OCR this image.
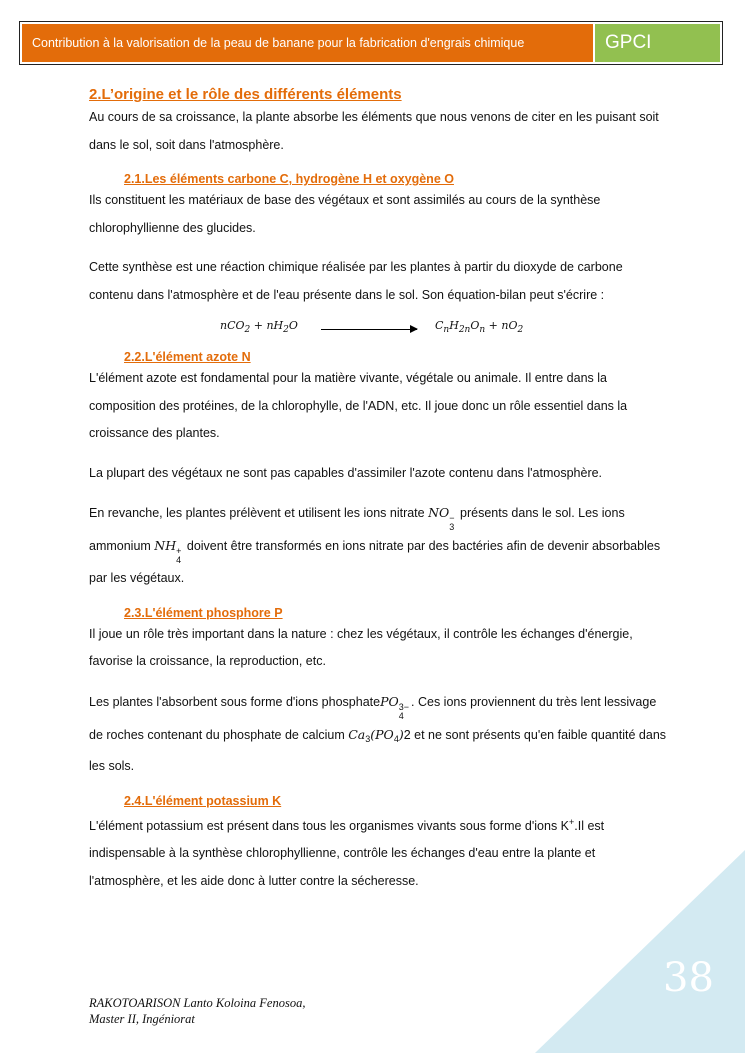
Contribution à la valorisation de la peau de banane pour la fabrication d'engrais chimique	GPCI
2.L’origine et le rôle des différents éléments

Au cours de sa croissance, la plante absorbe les éléments que nous venons de citer en les puisant soit dans le sol, soit dans l'atmosphère.

2.1.Les éléments carbone C, hydrogène H et oxygène O

Ils constituent les matériaux de base des végétaux et sont assimilés au cours de la synthèse chlorophyllienne des glucides.

Cette synthèse est une réaction chimique réalisée par les plantes à partir du dioxyde de carbone contenu dans l'atmosphère et de l'eau présente dans le sol. Son équation-bilan peut s'écrire :

$nCO_2 + nH_2O$	$C_nH_{2n}O_n + nO_2$
2.2.L'élément azote N

L'élément azote est fondamental pour la matière vivante, végétale ou animale. Il entre dans la composition des protéines, de la chlorophylle, de l'ADN, etc. Il joue donc un rôle essentiel dans la croissance des plantes.

La plupart des végétaux ne sont pas capables d'assimiler l'azote contenu dans l'atmosphère.

En revanche, les plantes prélèvent et utilisent les ions nitrate NO −
3
présents dans le sol. Les ions ammonium NH +
4
doivent être transformés en ions nitrate par des bactéries afin de devenir absorbables par les végétaux.

2.3.L'élément phosphore P

Il joue un rôle très important dans la nature : chez les végétaux, il contrôle les échanges d'énergie, favorise la croissance, la reproduction, etc.

Les plantes l'absorbent sous forme d'ions phosphatePO 3−
4
. Ces ions proviennent du très lent lessivage de roches contenant du phosphate de calcium $Ca_3(PO_4)2$ et ne sont présents qu'en faible quantité dans les sols.

2.4.L'élément potassium K

L'élément potassium est présent dans tous les organismes vivants sous forme d'ions K+.Il est indispensable à la synthèse chlorophyllienne, contrôle les échanges d'eau entre la plante et l'atmosphère, et les aide donc à lutter contre la sécheresse.

38
RAKOTOARISON Lanto Koloina Fenosoa,
Master II, Ingéniorat
